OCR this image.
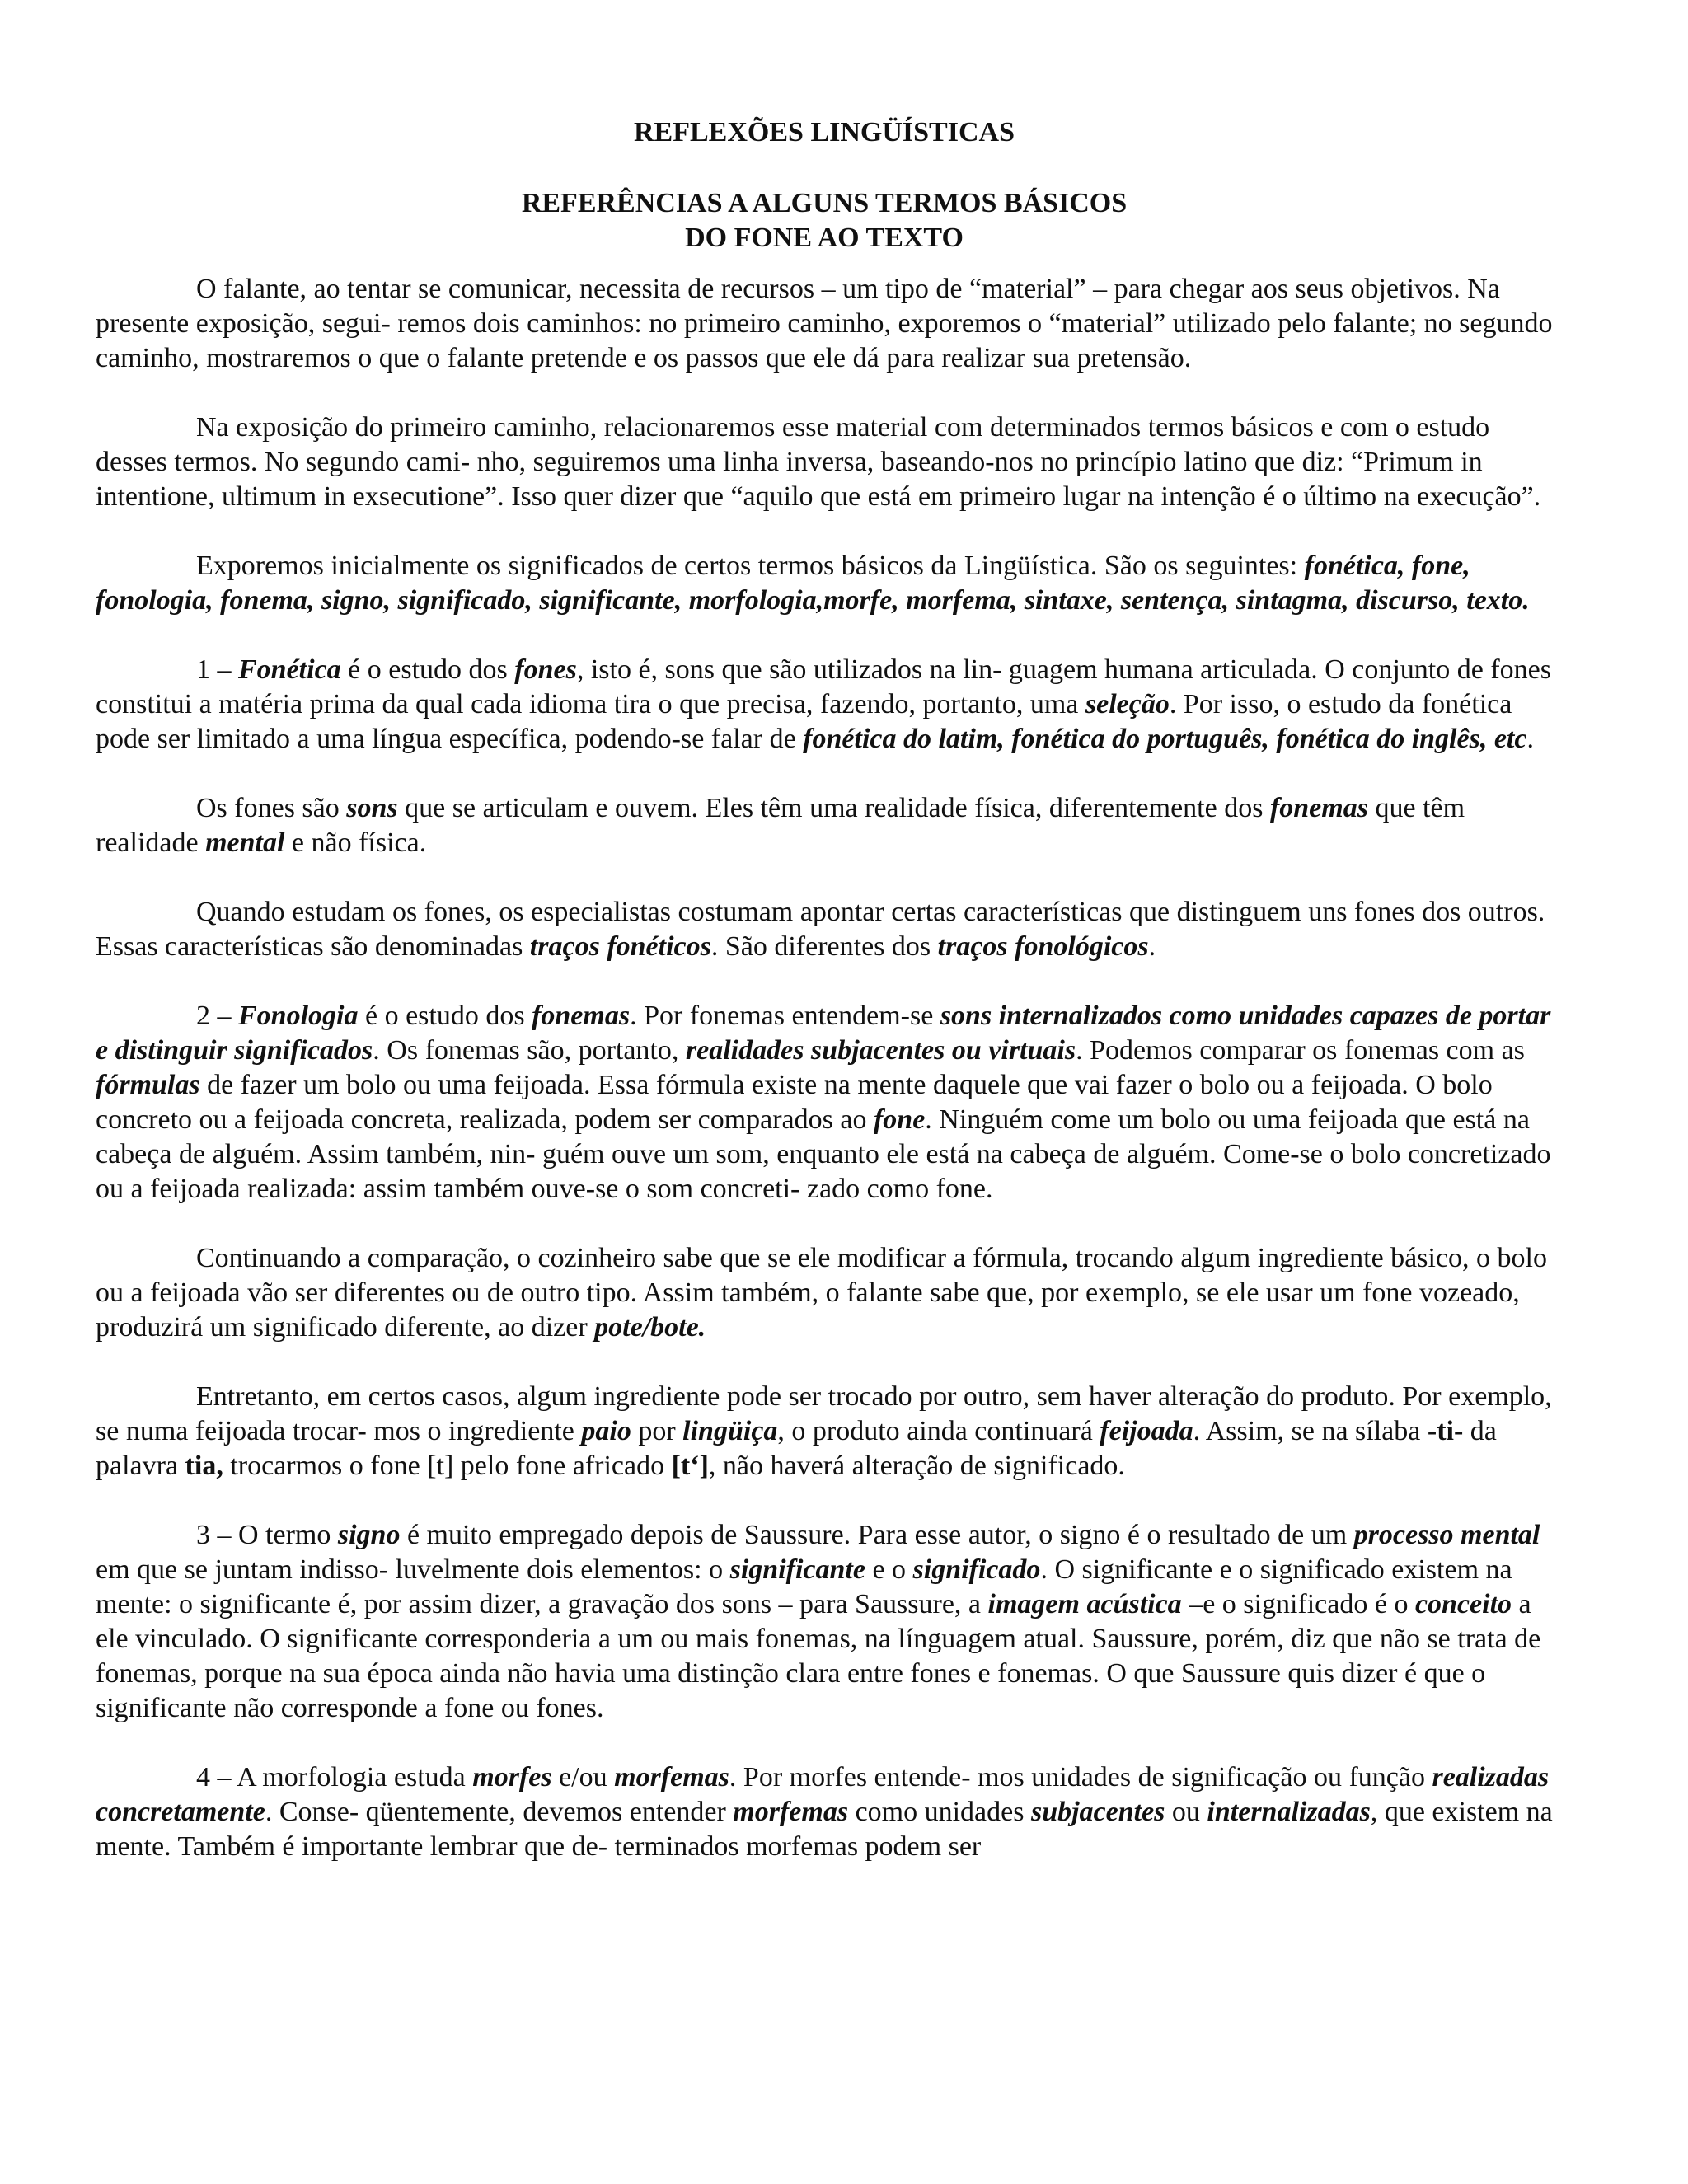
REFLEXÕES LINGÜÍSTICAS
REFERÊNCIAS A ALGUNS TERMOS BÁSICOS
DO FONE AO TEXTO

O falante, ao tentar se comunicar, necessita de recursos – um tipo de “material” – para chegar aos seus objetivos. Na presente exposição, segui- remos dois caminhos: no primeiro caminho, exporemos o “material” utilizado pelo falante; no segundo caminho, mostraremos o que o falante pretende e os passos que ele dá para realizar sua pretensão.

Na exposição do primeiro caminho, relacionaremos esse material com determinados termos básicos e com o estudo desses termos. No segundo cami- nho, seguiremos uma linha inversa, baseando-nos no princípio latino que diz: “Primum in intentione, ultimum in exsecutione”. Isso quer dizer que “aquilo que está em primeiro lugar na intenção é o último na execução”.

Exporemos inicialmente os significados de certos termos básicos da Lingüística. São os seguintes: fonética, fone, fonologia, fonema, signo, significado, significante, morfologia,morfe, morfema, sintaxe, sentença, sintagma, discurso, texto.

1 – Fonética é o estudo dos fones, isto é, sons que são utilizados na lin- guagem humana articulada. O conjunto de fones constitui a matéria prima da qual cada idioma tira o que precisa, fazendo, portanto, uma seleção. Por isso, o estudo da fonética pode ser limitado a uma língua específica, podendo-se falar de fonética do latim, fonética do português, fonética do inglês, etc.

Os fones são sons que se articulam e ouvem. Eles têm uma realidade física, diferentemente dos fonemas que têm realidade mental e não física.

Quando estudam os fones, os especialistas costumam apontar certas características que distinguem uns fones dos outros. Essas características são denominadas traços fonéticos. São diferentes dos traços fonológicos.

2 – Fonologia é o estudo dos fonemas. Por fonemas entendem-se sons internalizados como unidades capazes de portar e distinguir significados. Os fonemas são, portanto, realidades subjacentes ou virtuais. Podemos comparar os fonemas com as fórmulas de fazer um bolo ou uma feijoada. Essa fórmula existe na mente daquele que vai fazer o bolo ou a feijoada. O bolo concreto ou a feijoada concreta, realizada, podem ser comparados ao fone. Ninguém come um bolo ou uma feijoada que está na cabeça de alguém. Assim também, nin- guém ouve um som, enquanto ele está na cabeça de alguém. Come-se o bolo concretizado ou a feijoada realizada: assim também ouve-se o som concreti- zado como fone.

Continuando a comparação, o cozinheiro sabe que se ele modificar a fórmula, trocando algum ingrediente básico, o bolo ou a feijoada vão ser diferentes ou de outro tipo. Assim também, o falante sabe que, por exemplo, se ele usar um fone vozeado, produzirá um significado diferente, ao dizer pote/bote.

Entretanto, em certos casos, algum ingrediente pode ser trocado por outro, sem haver alteração do produto. Por exemplo, se numa feijoada trocar- mos o ingrediente paio por lingüiça, o produto ainda continuará feijoada. Assim, se na sílaba -ti- da palavra tia, trocarmos o fone [t] pelo fone africado [t‘], não haverá alteração de significado.

3 – O termo signo é muito empregado depois de Saussure. Para esse autor, o signo é o resultado de um processo mental em que se juntam indisso- luvelmente dois elementos: o significante e o significado. O significante e o significado existem na mente: o significante é, por assim dizer, a gravação dos sons – para Saussure, a imagem acústica –e o significado é o conceito a ele vinculado. O significante corresponderia a um ou mais fonemas, na línguagem atual. Saussure, porém, diz que não se trata de fonemas, porque na sua época ainda não havia uma distinção clara entre fones e fonemas. O que Saussure quis dizer é que o significante não corresponde a fone ou fones.

4 – A morfologia estuda morfes e/ou morfemas. Por morfes entende- mos unidades de significação ou função realizadas concretamente. Conse- qüentemente, devemos entender morfemas como unidades subjacentes ou internalizadas, que existem na mente. Também é importante lembrar que de- terminados morfemas podem ser
